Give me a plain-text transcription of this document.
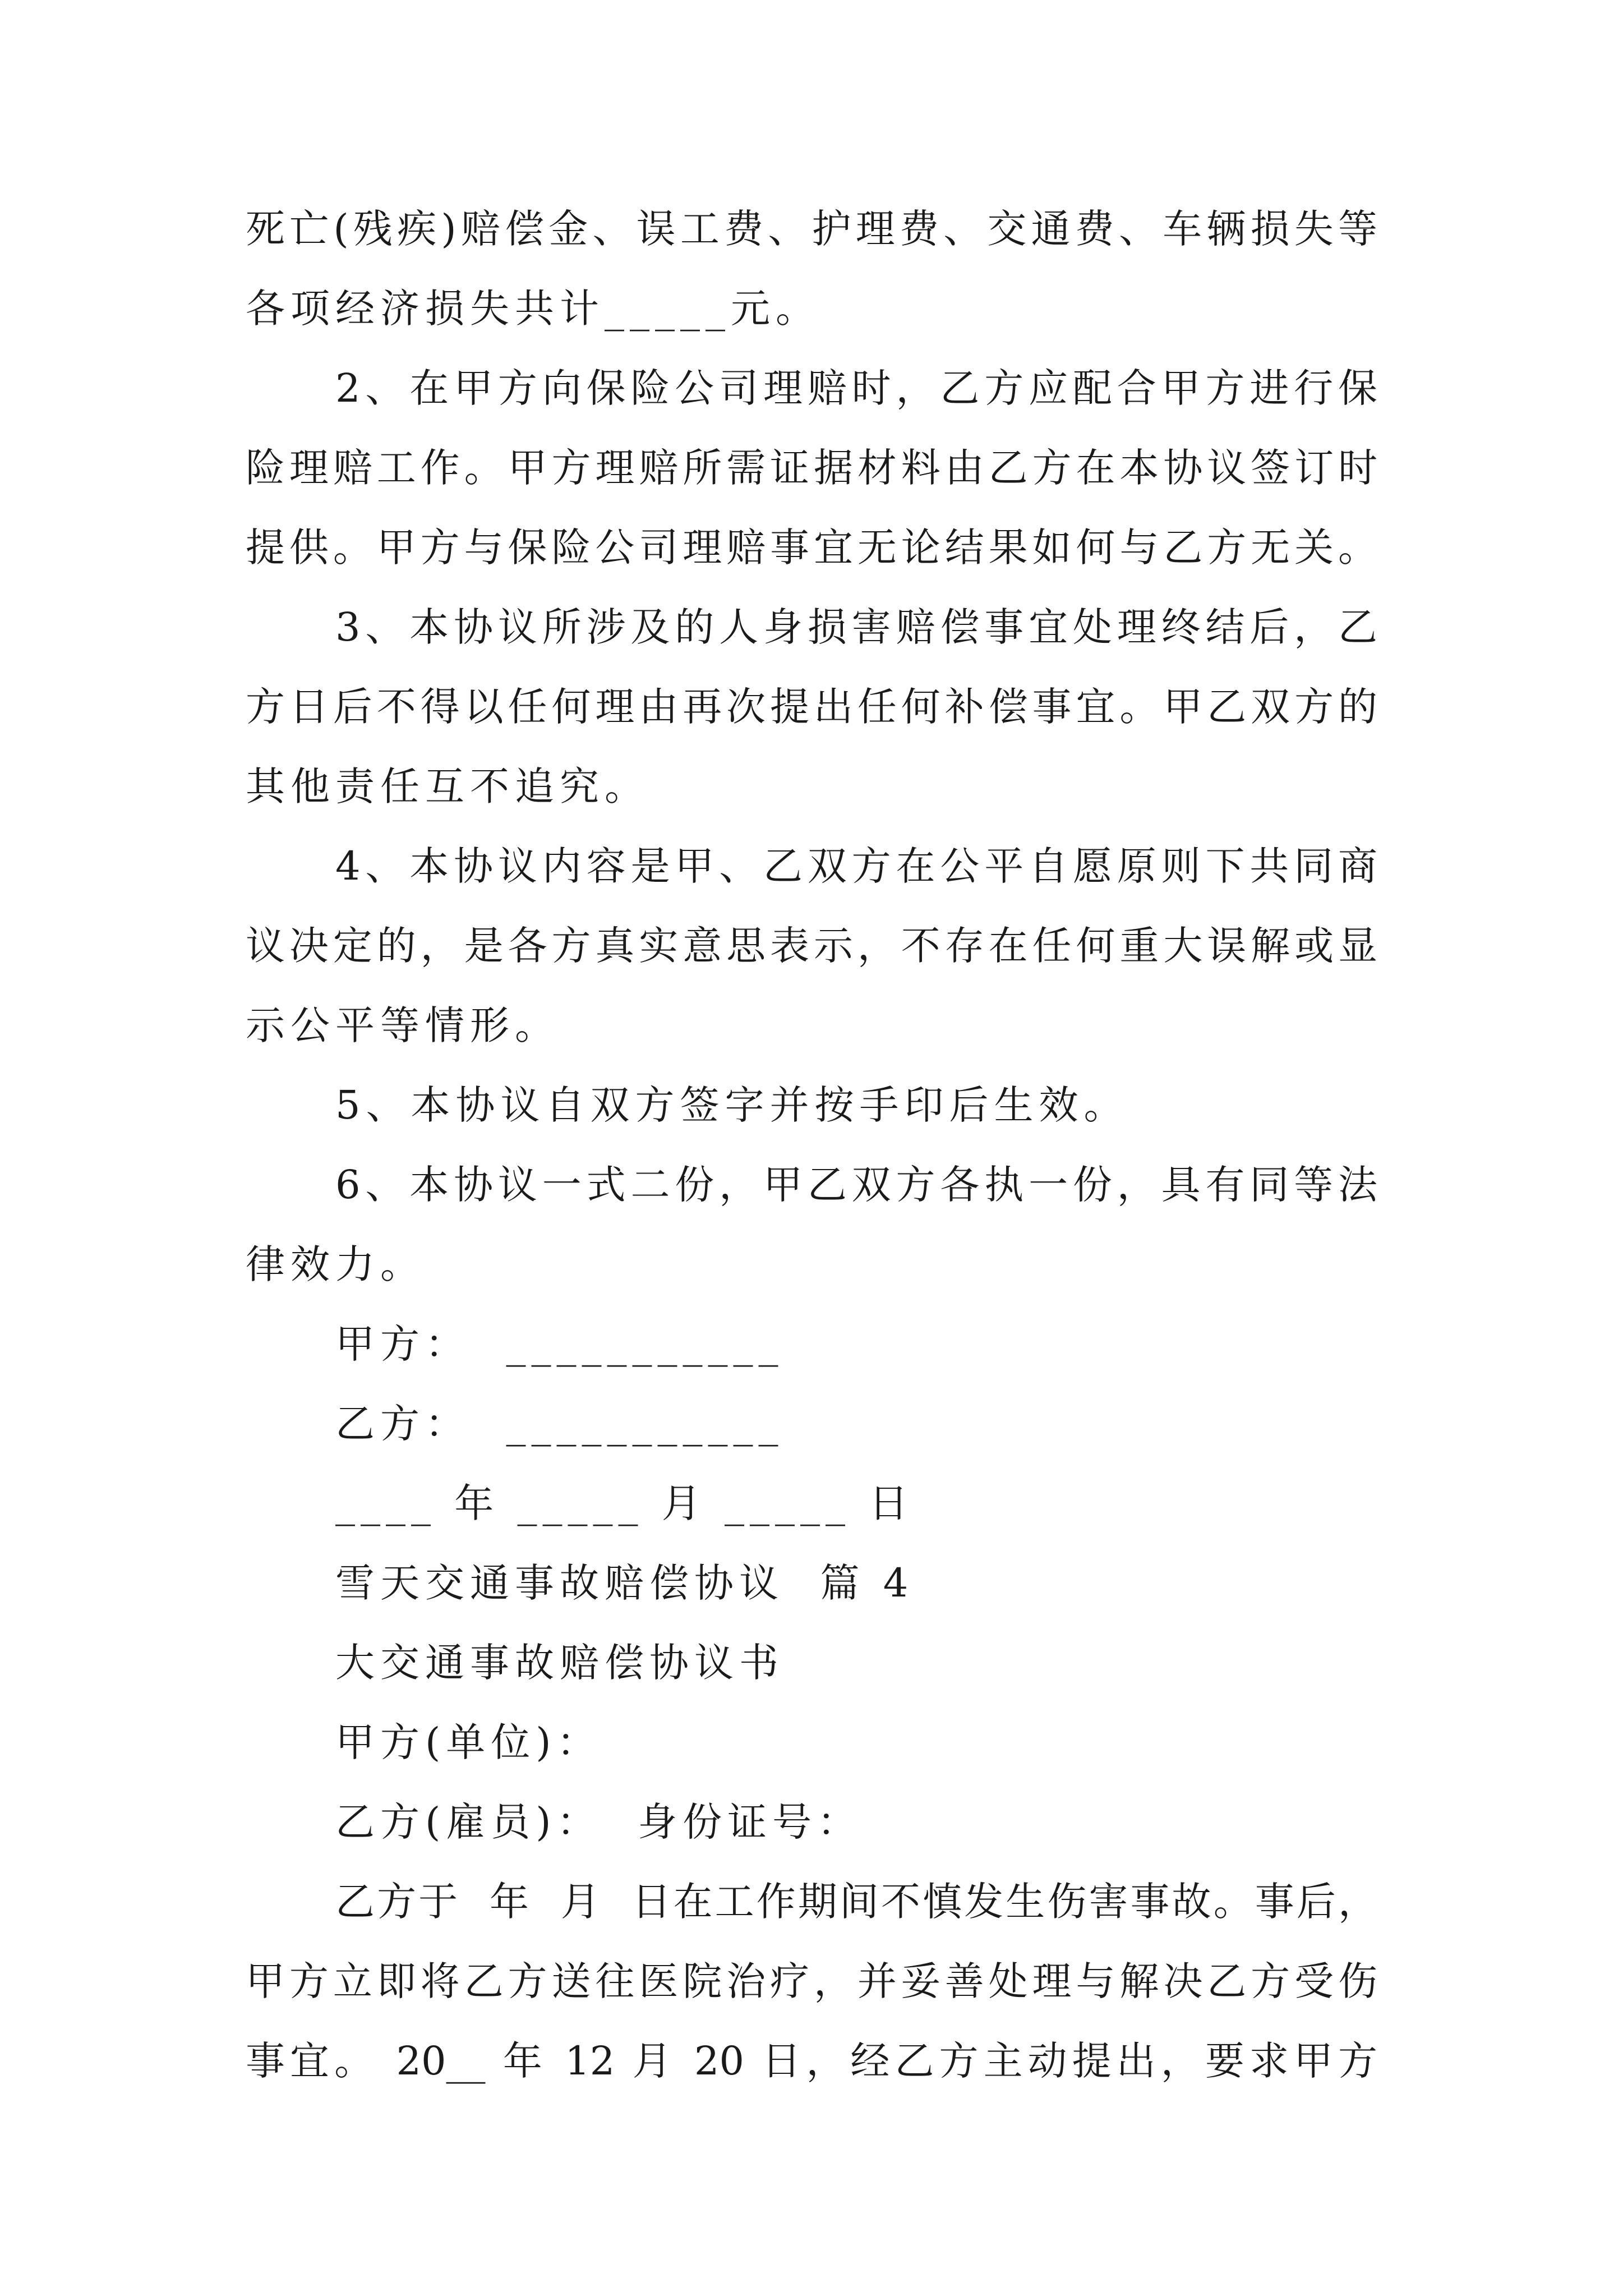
死亡(残疾)赔偿金、误工费、护理费、交通费、车辆损失等
各项经济损失共计_____元。
2、在甲方向保险公司理赔时，乙方应配合甲方进行保
险理赔工作。甲方理赔所需证据材料由乙方在本协议签订时
提供。甲方与保险公司理赔事宜无论结果如何与乙方无关。
3、本协议所涉及的人身损害赔偿事宜处理终结后，乙
方日后不得以任何理由再次提出任何补偿事宜。甲乙双方的
其他责任互不追究。
4、本协议内容是甲、乙双方在公平自愿原则下共同商
议决定的，是各方真实意思表示，不存在任何重大误解或显
示公平等情形。
5、本协议自双方签字并按手印后生效。
6、本协议一式二份，甲乙双方各执一份，具有同等法
律效力。
甲方：  ___________
乙方：  ___________
____ 年 _____ 月 _____ 日
雪天交通事故赔偿协议  篇 4
大交通事故赔偿协议书
甲方(单位)：
乙方(雇员)：  身份证号：
乙方于  年  月  日在工作期间不慎发生伤害事故。事后，
甲方立即将乙方送往医院治疗，并妥善处理与解决乙方受伤
事宜。 20__ 年 12 月 20 日，经乙方主动提出，要求甲方
